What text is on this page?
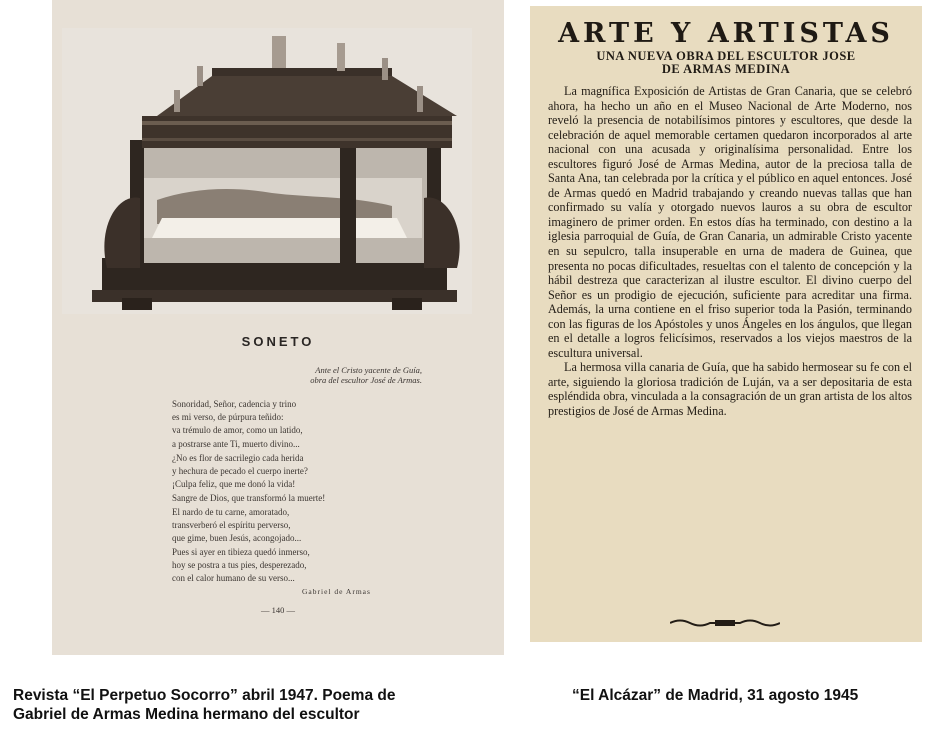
SONETO
Ante el Cristo yacente de Guía,
obra del escultor José de Armas.
Sonoridad, Señor, cadencia y trino
es mi verso, de púrpura teñido:
va trémulo de amor, como un latido,
a postrarse ante Ti, muerto divino...
¿No es flor de sacrilegio cada herida
y hechura de pecado el cuerpo inerte?
¡Culpa feliz, que me donó la vida!
Sangre de Dios, que transformó la muerte!
El nardo de tu carne, amoratado,
transverberó el espíritu perverso,
que gime, buen Jesús, acongojado...
Pues si ayer en tibieza quedó inmerso,
hoy se postra a tus pies, desperezado,
con el calor humano de su verso...
Gabriel de Armas
— 140 —
ARTE Y ARTISTAS
UNA NUEVA OBRA DEL ESCULTOR JOSE
DE ARMAS MEDINA

La magnífica Exposición de Artistas de Gran Canaria, que se celebró ahora, ha hecho un año en el Museo Nacional de Arte Moderno, nos reveló la presencia de notabilísimos pintores y escultores, que desde la celebración de aquel memorable certamen quedaron incorporados al arte nacional con una acusada y originalísima personalidad. Entre los escultores figuró José de Armas Medina, autor de la preciosa talla de Santa Ana, tan celebrada por la crítica y el público en aquel entonces. José de Armas quedó en Madrid trabajando y creando nuevas tallas que han confirmado su valía y otorgado nuevos lauros a su obra de escultor imaginero de primer orden. En estos días ha terminado, con destino a la iglesia parroquial de Guía, de Gran Canaria, un admirable Cristo yacente en su sepulcro, talla insuperable en urna de madera de Guinea, que presenta no pocas dificultades, resueltas con el talento de concepción y la hábil destreza que caracterizan al ilustre escultor. El divino cuerpo del Señor es un prodigio de ejecución, suficiente para acreditar una firma. Además, la urna contiene en el friso superior toda la Pasión, terminando con las figuras de los Apóstoles y unos Ángeles en los ángulos, que llegan en el detalle a logros felicísimos, reservados a los viejos maestros de la escultura universal.

La hermosa villa canaria de Guía, que ha sabido hermosear su fe con el arte, siguiendo la gloriosa tradición de Luján, va a ser depositaria de esta espléndida obra, vinculada a la consagración de un gran artista de los altos prestigios de José de Armas Medina.

Revista “El Perpetuo Socorro” abril 1947. Poema de
Gabriel de Armas Medina hermano del escultor
“El Alcázar” de Madrid, 31 agosto 1945
